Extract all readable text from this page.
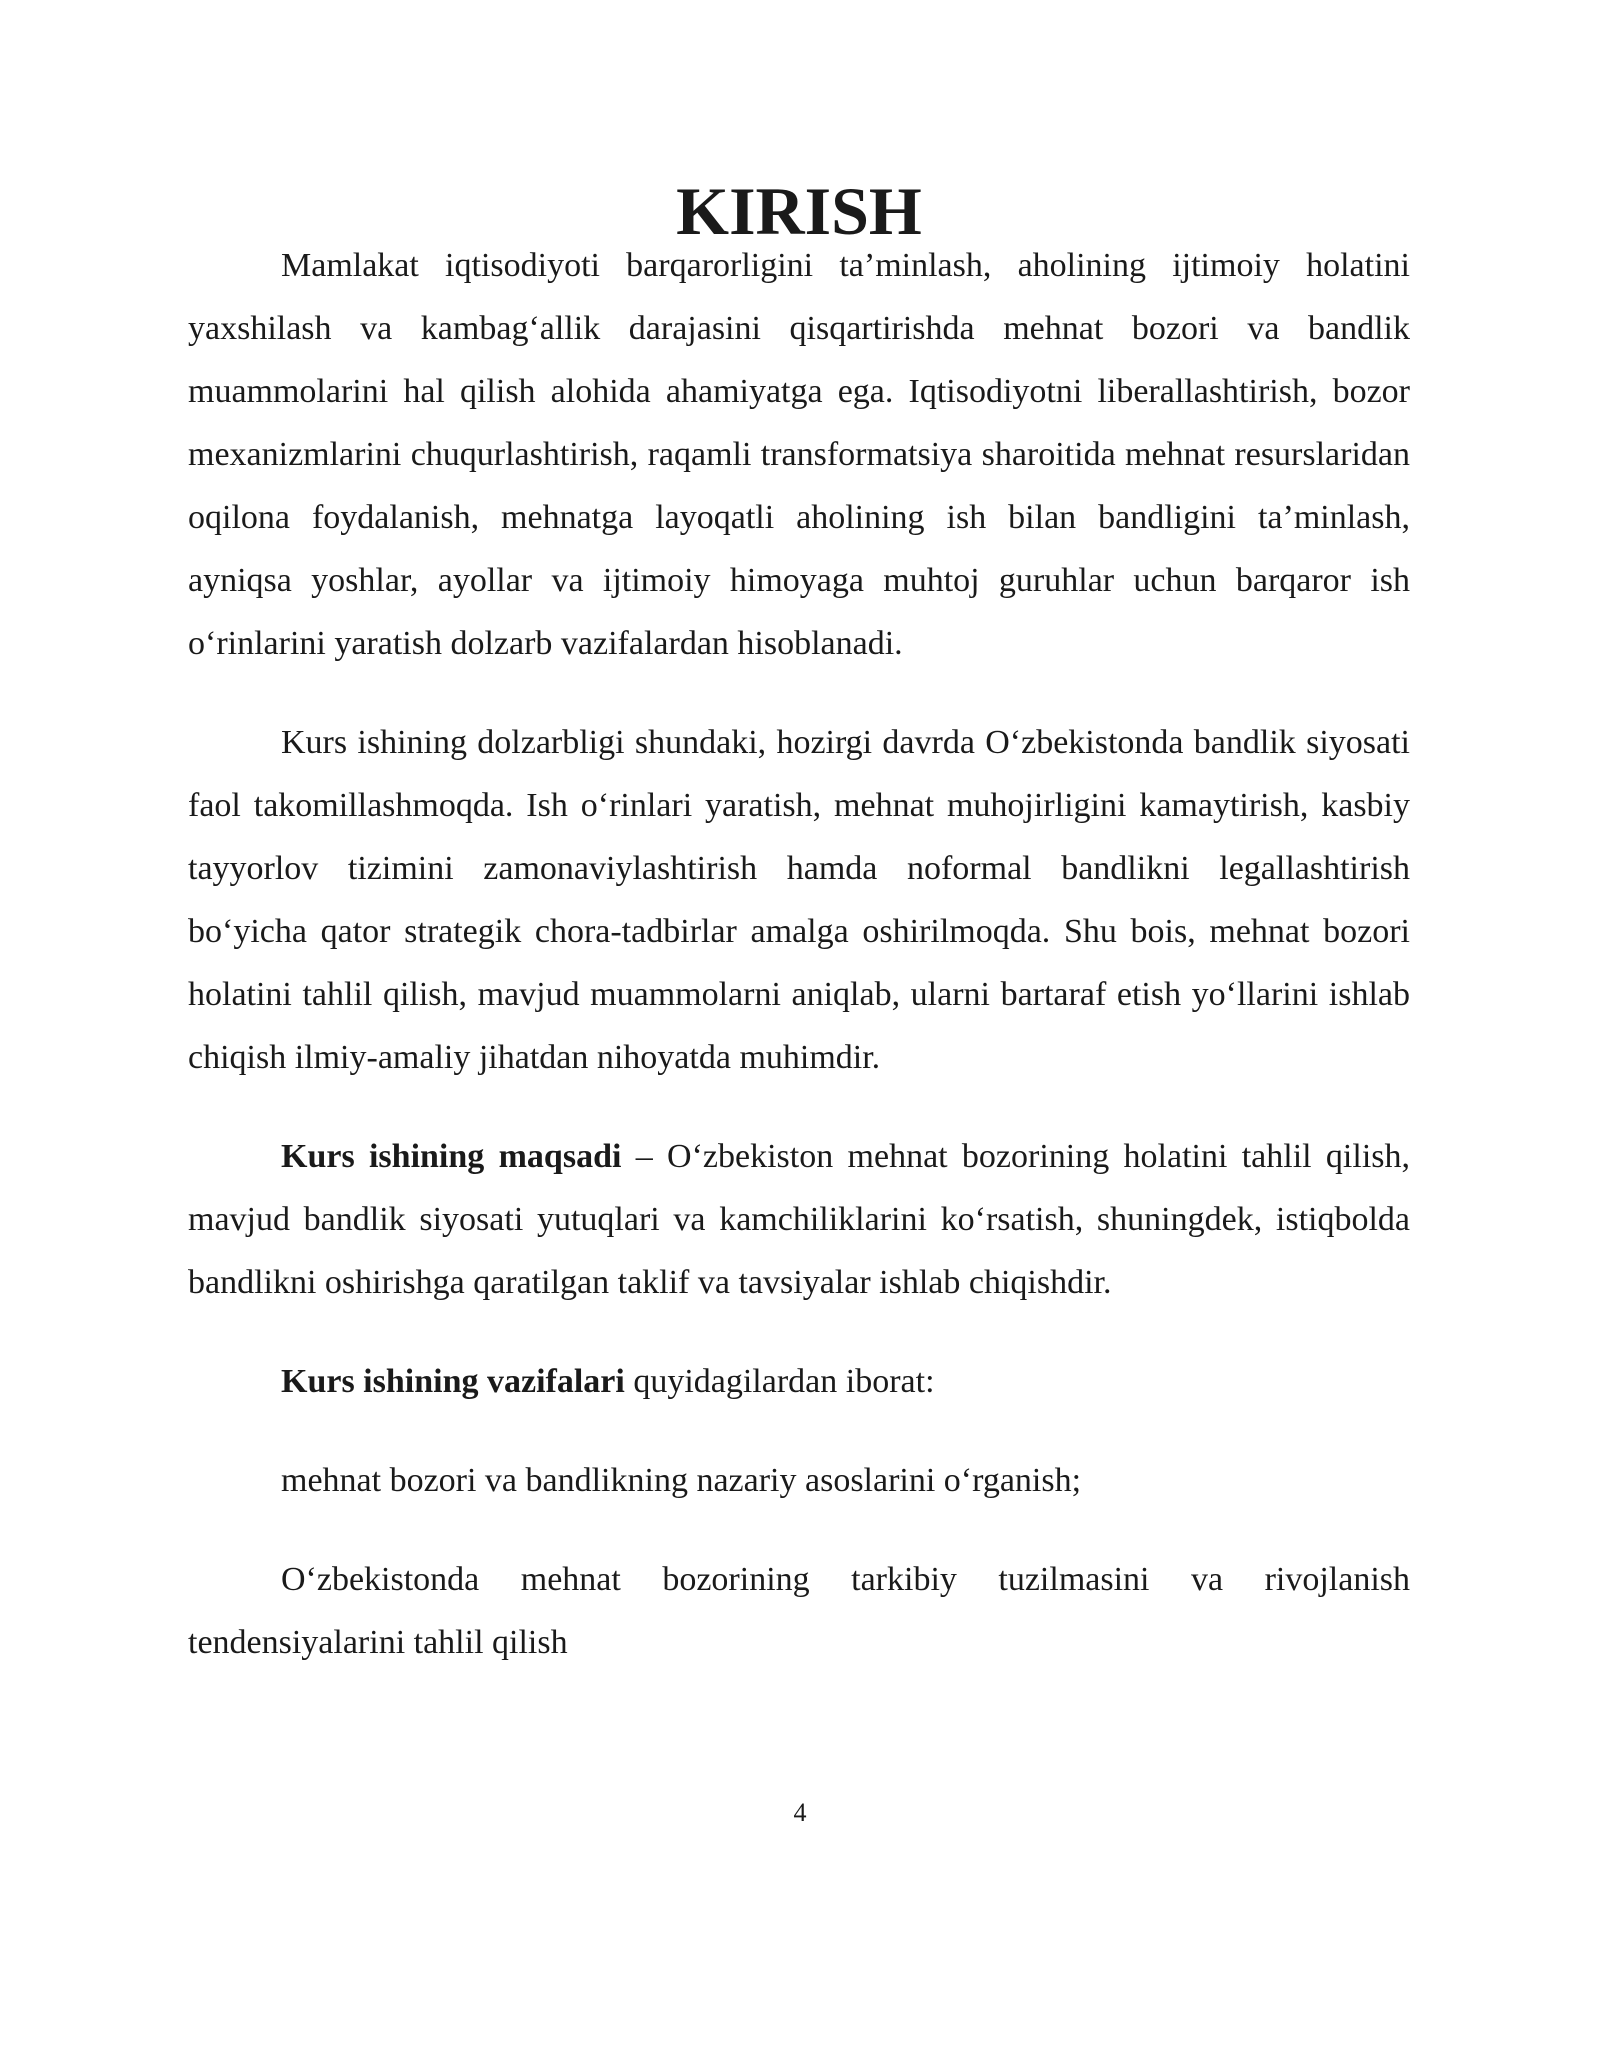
KIRISH

Mamlakat iqtisodiyoti barqarorligini ta’minlash, aholining ijtimoiy holatini yaxshilash va kambag‘allik darajasini qisqartirishda mehnat bozori va bandlik muammolarini hal qilish alohida ahamiyatga ega. Iqtisodiyotni liberallashtirish, bozor mexanizmlarini chuqurlashtirish, raqamli transformatsiya sharoitida mehnat resurslaridan oqilona foydalanish, mehnatga layoqatli aholining ish bilan bandligini ta’minlash, ayniqsa yoshlar, ayollar va ijtimoiy himoyaga muhtoj guruhlar uchun barqaror ish o‘rinlarini yaratish dolzarb vazifalardan hisoblanadi.

Kurs ishining dolzarbligi shundaki, hozirgi davrda O‘zbekistonda bandlik siyosati faol takomillashmoqda. Ish o‘rinlari yaratish, mehnat muhojirligini kamaytirish, kasbiy tayyorlov tizimini zamonaviylashtirish hamda noformal bandlikni legallashtirish bo‘yicha qator strategik chora-tadbirlar amalga oshirilmoqda. Shu bois, mehnat bozori holatini tahlil qilish, mavjud muammolarni aniqlab, ularni bartaraf etish yo‘llarini ishlab chiqish ilmiy-amaliy jihatdan nihoyatda muhimdir.

Kurs ishining maqsadi – O‘zbekiston mehnat bozorining holatini tahlil qilish, mavjud bandlik siyosati yutuqlari va kamchiliklarini ko‘rsatish, shuningdek, istiqbolda bandlikni oshirishga qaratilgan taklif va tavsiyalar ishlab chiqishdir.

Kurs ishining vazifalari quyidagilardan iborat:

mehnat bozori va bandlikning nazariy asoslarini o‘rganish;

O‘zbekistonda mehnat bozorining tarkibiy tuzilmasini va rivojlanish tendensiyalarini tahlil qilish

4
